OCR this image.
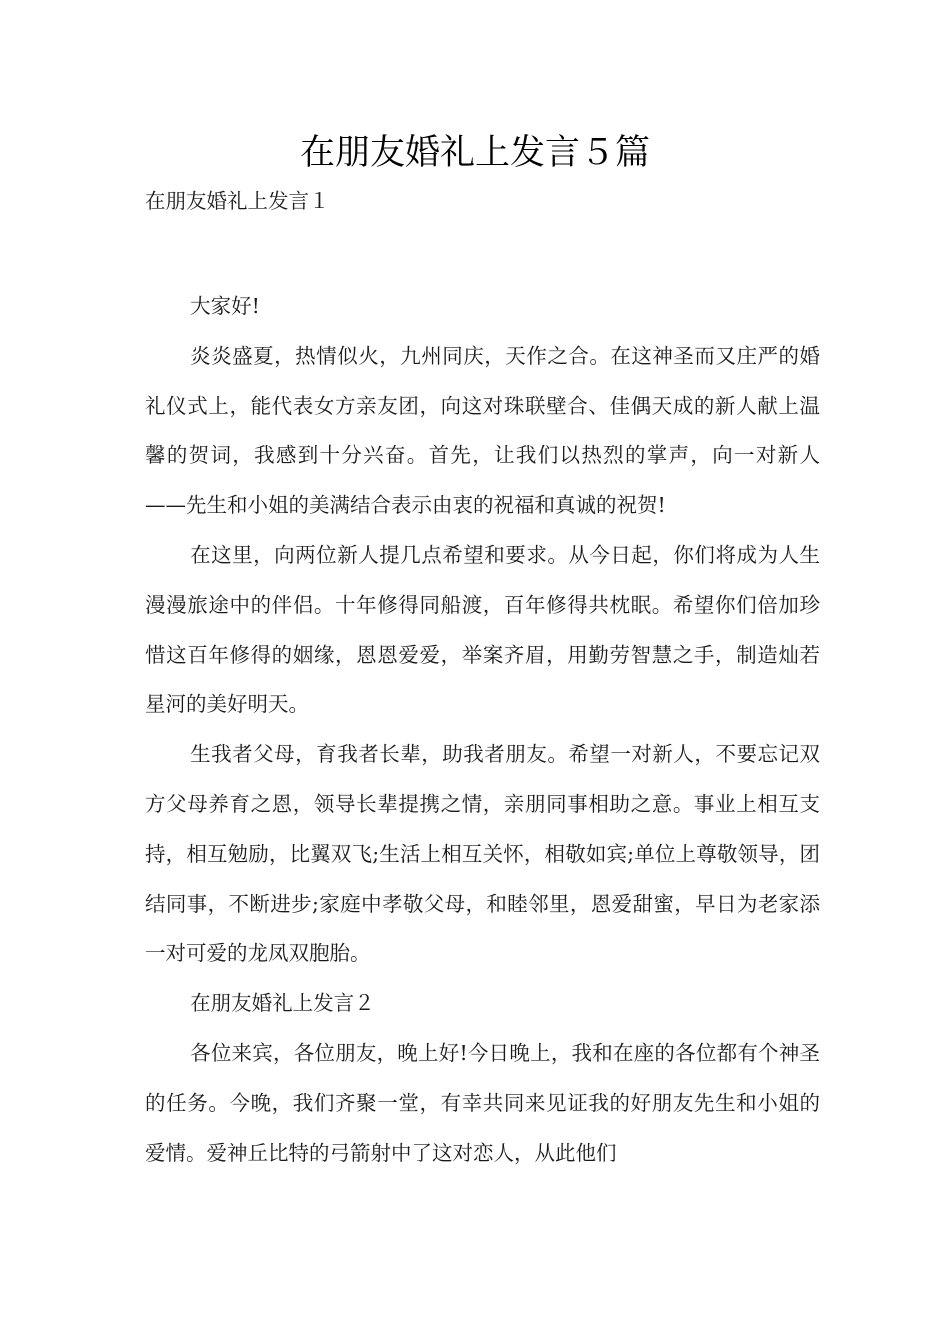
在朋友婚礼上发言５篇

在朋友婚礼上发言１

大家好!

炎炎盛夏，热情似火，九州同庆，天作之合。在这神圣而又庄严的婚礼仪式上，能代表女方亲友团，向这对珠联壁合、佳偶天成的新人献上温馨的贺词，我感到十分兴奋。首先，让我们以热烈的掌声，向一对新人——先生和小姐的美满结合表示由衷的祝福和真诚的祝贺!

在这里，向两位新人提几点希望和要求。从今日起，你们将成为人生漫漫旅途中的伴侣。十年修得同船渡，百年修得共枕眠。希望你们倍加珍惜这百年修得的姻缘，恩恩爱爱，举案齐眉，用勤劳智慧之手，制造灿若星河的美好明天。

生我者父母，育我者长辈，助我者朋友。希望一对新人，不要忘记双方父母养育之恩，领导长辈提携之情，亲朋同事相助之意。事业上相互支持，相互勉励，比翼双飞;生活上相互关怀，相敬如宾;单位上尊敬领导，团结同事，不断进步;家庭中孝敬父母，和睦邻里，恩爱甜蜜，早日为老家添一对可爱的龙凤双胞胎。

在朋友婚礼上发言２

各位来宾，各位朋友，晚上好!今日晚上，我和在座的各位都有个神圣的任务。今晚，我们齐聚一堂，有幸共同来见证我的好朋友先生和小姐的爱情。爱神丘比特的弓箭射中了这对恋人，从此他们
